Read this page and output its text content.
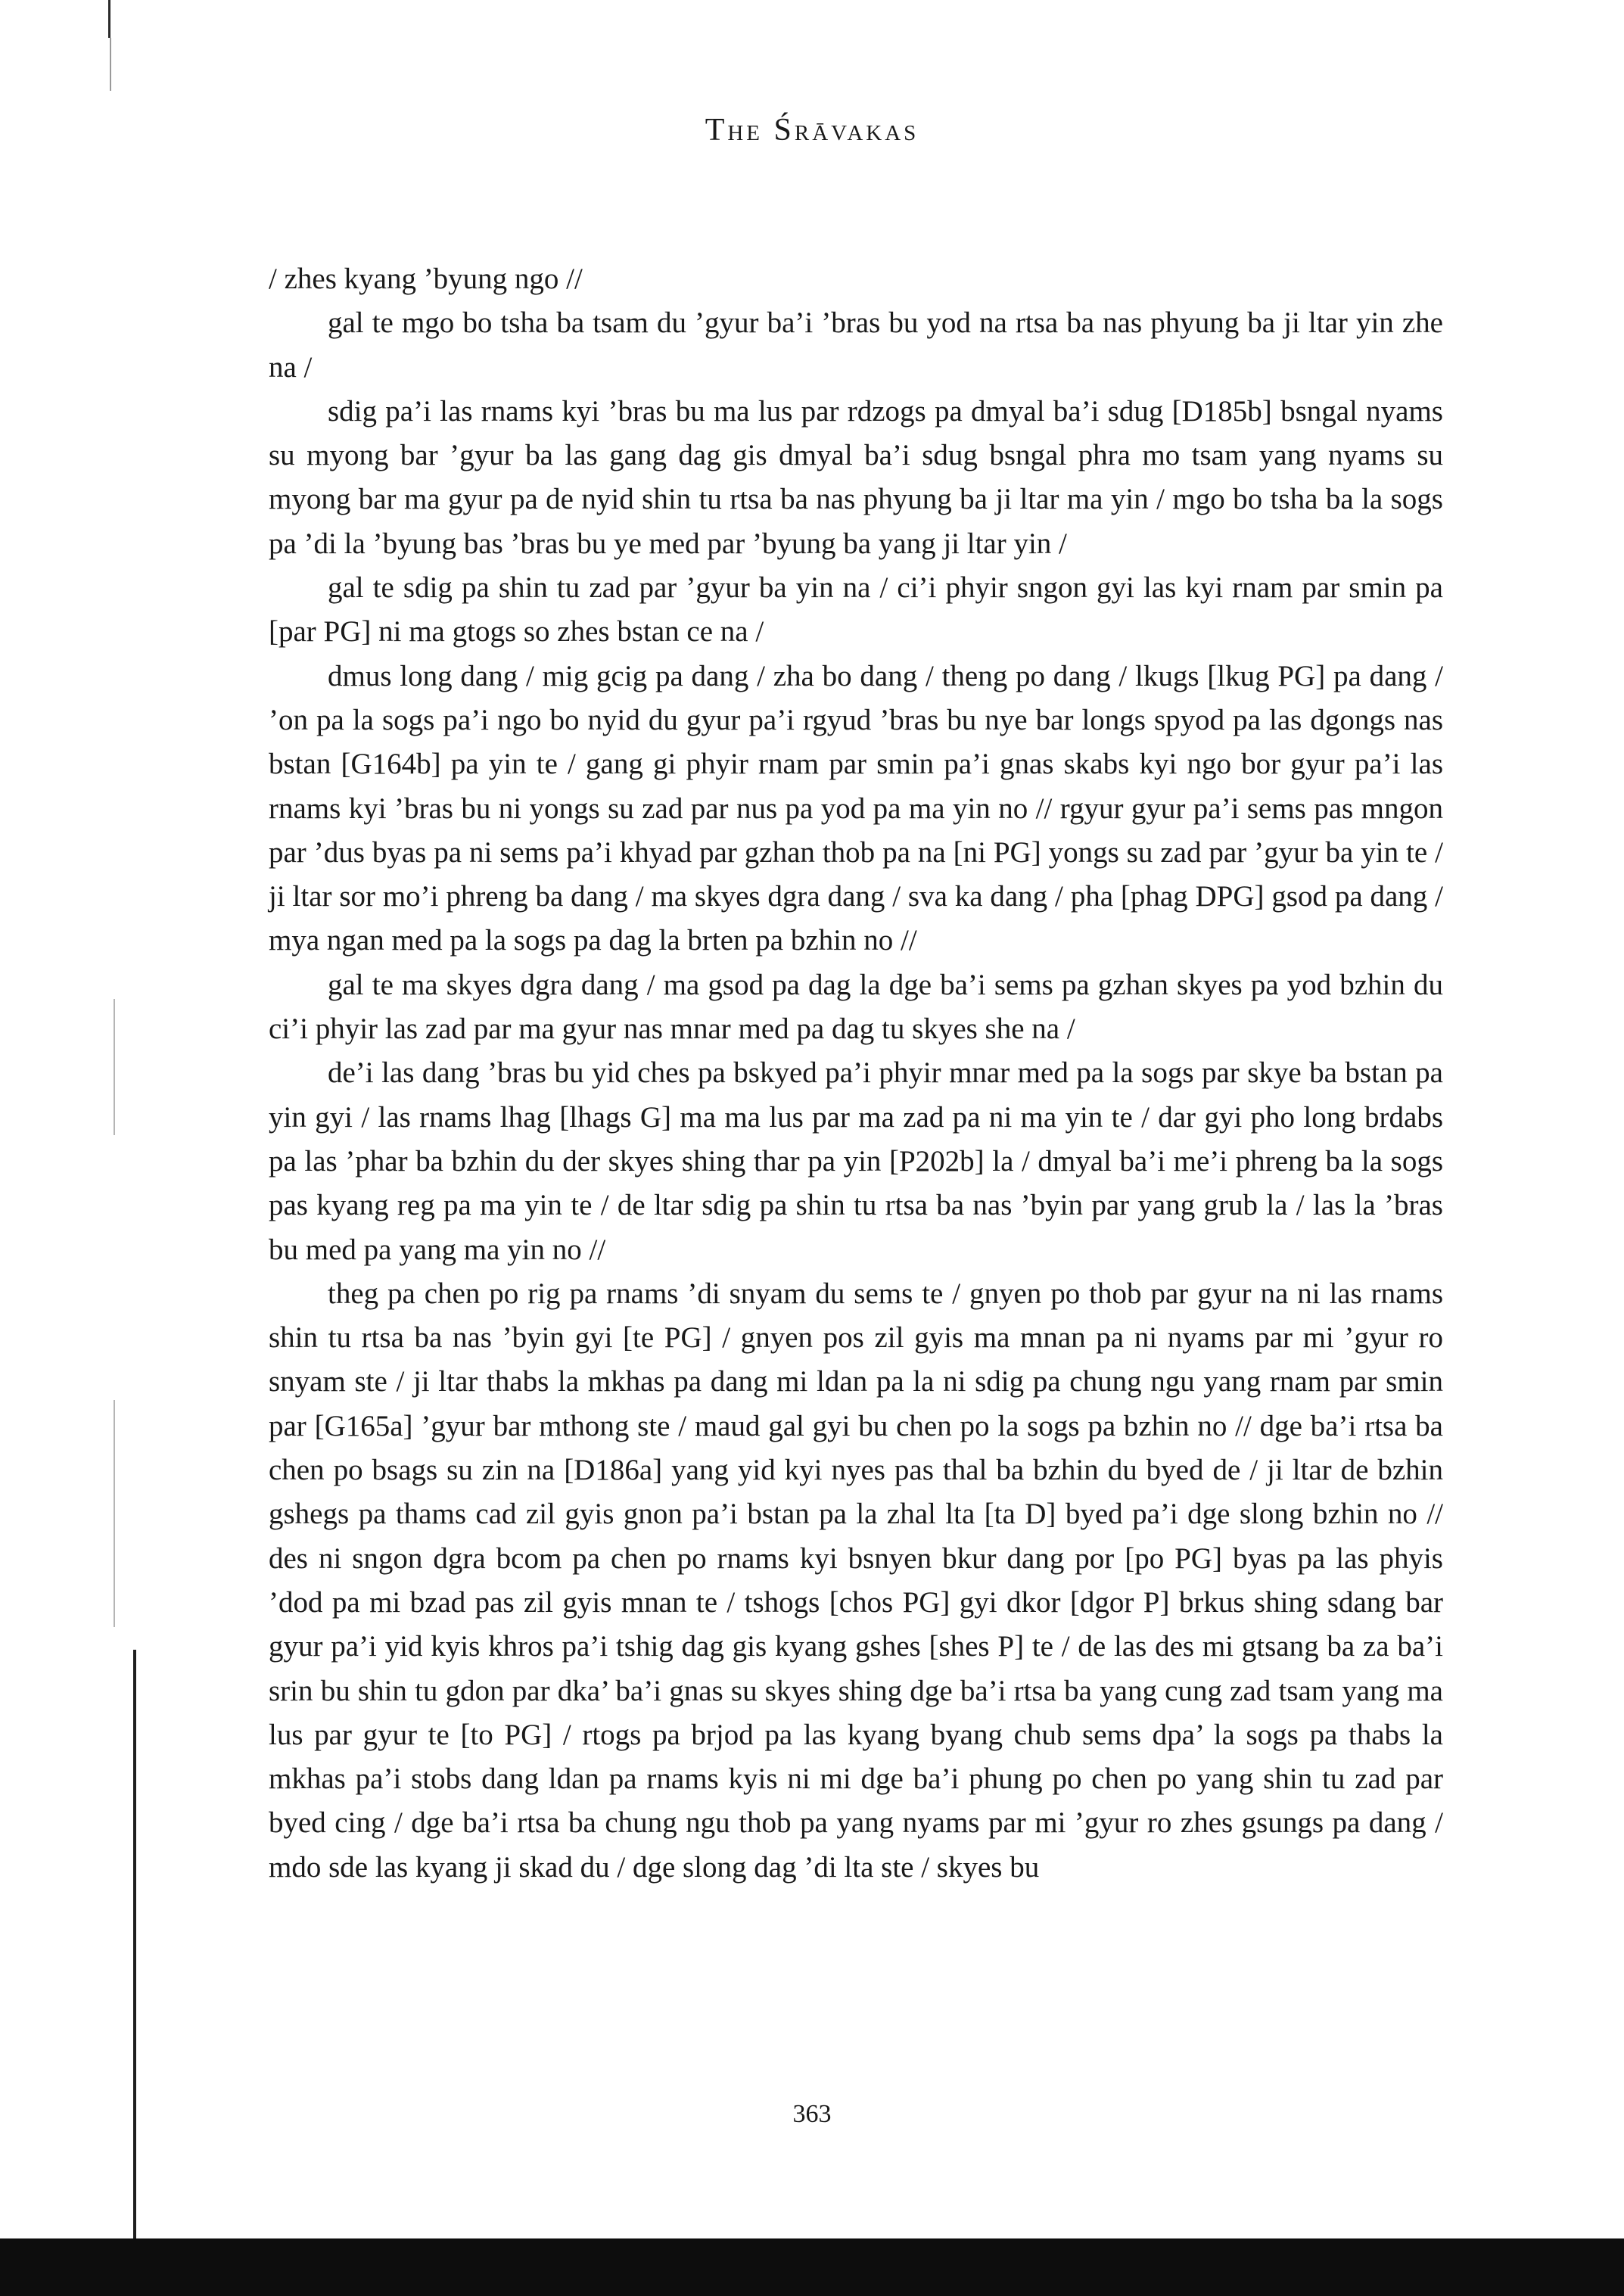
The Śrāvakas

/ zhes kyang ’byung ngo //

gal te mgo bo tsha ba tsam du ’gyur ba’i ’bras bu yod na rtsa ba nas phyung ba ji ltar yin zhe na /

sdig pa’i las rnams kyi ’bras bu ma lus par rdzogs pa dmyal ba’i sdug [D185b] bsngal nyams su myong bar ’gyur ba las gang dag gis dmyal ba’i sdug bsngal phra mo tsam yang nyams su myong bar ma gyur pa de nyid shin tu rtsa ba nas phyung ba ji ltar ma yin / mgo bo tsha ba la sogs pa ’di la ’byung bas ’bras bu ye med par ’byung ba yang ji ltar yin /

gal te sdig pa shin tu zad par ’gyur ba yin na / ci’i phyir sngon gyi las kyi rnam par smin pa [par PG] ni ma gtogs so zhes bstan ce na /

dmus long dang / mig gcig pa dang / zha bo dang / theng po dang / lkugs [lkug PG] pa dang / ’on pa la sogs pa’i ngo bo nyid du gyur pa’i rgyud ’bras bu nye bar longs spyod pa las dgongs nas bstan [G164b] pa yin te / gang gi phyir rnam par smin pa’i gnas skabs kyi ngo bor gyur pa’i las rnams kyi ’bras bu ni yongs su zad par nus pa yod pa ma yin no // rgyur gyur pa’i sems pas mngon par ’dus byas pa ni sems pa’i khyad par gzhan thob pa na [ni PG] yongs su zad par ’gyur ba yin te / ji ltar sor mo’i phreng ba dang / ma skyes dgra dang / sva ka dang / pha [phag DPG] gsod pa dang / mya ngan med pa la sogs pa dag la brten pa bzhin no //

gal te ma skyes dgra dang / ma gsod pa dag la dge ba’i sems pa gzhan skyes pa yod bzhin du ci’i phyir las zad par ma gyur nas mnar med pa dag tu skyes she na /

de’i las dang ’bras bu yid ches pa bskyed pa’i phyir mnar med pa la sogs par skye ba bstan pa yin gyi / las rnams lhag [lhags G] ma ma lus par ma zad pa ni ma yin te / dar gyi pho long brdabs pa las ’phar ba bzhin du der skyes shing thar pa yin [P202b] la / dmyal ba’i me’i phreng ba la sogs pas kyang reg pa ma yin te / de ltar sdig pa shin tu rtsa ba nas ’byin par yang grub la / las la ’bras bu med pa yang ma yin no //

theg pa chen po rig pa rnams ’di snyam du sems te / gnyen po thob par gyur na ni las rnams shin tu rtsa ba nas ’byin gyi [te PG] / gnyen pos zil gyis ma mnan pa ni nyams par mi ’gyur ro snyam ste / ji ltar thabs la mkhas pa dang mi ldan pa la ni sdig pa chung ngu yang rnam par smin par [G165a] ’gyur bar mthong ste / maud gal gyi bu chen po la sogs pa bzhin no // dge ba’i rtsa ba chen po bsags su zin na [D186a] yang yid kyi nyes pas thal ba bzhin du byed de / ji ltar de bzhin gshegs pa thams cad zil gyis gnon pa’i bstan pa la zhal lta [ta D] byed pa’i dge slong bzhin no // des ni sngon dgra bcom pa chen po rnams kyi bsnyen bkur dang por [po PG] byas pa las phyis ’dod pa mi bzad pas zil gyis mnan te / tshogs [chos PG] gyi dkor [dgor P] brkus shing sdang bar gyur pa’i yid kyis khros pa’i tshig dag gis kyang gshes [shes P] te / de las des mi gtsang ba za ba’i srin bu shin tu gdon par dka’ ba’i gnas su skyes shing dge ba’i rtsa ba yang cung zad tsam yang ma lus par gyur te [to PG] / rtogs pa brjod pa las kyang byang chub sems dpa’ la sogs pa thabs la mkhas pa’i stobs dang ldan pa rnams kyis ni mi dge ba’i phung po chen po yang shin tu zad par byed cing / dge ba’i rtsa ba chung ngu thob pa yang nyams par mi ’gyur ro zhes gsungs pa dang / mdo sde las kyang ji skad du / dge slong dag ’di lta ste / skyes bu

363
